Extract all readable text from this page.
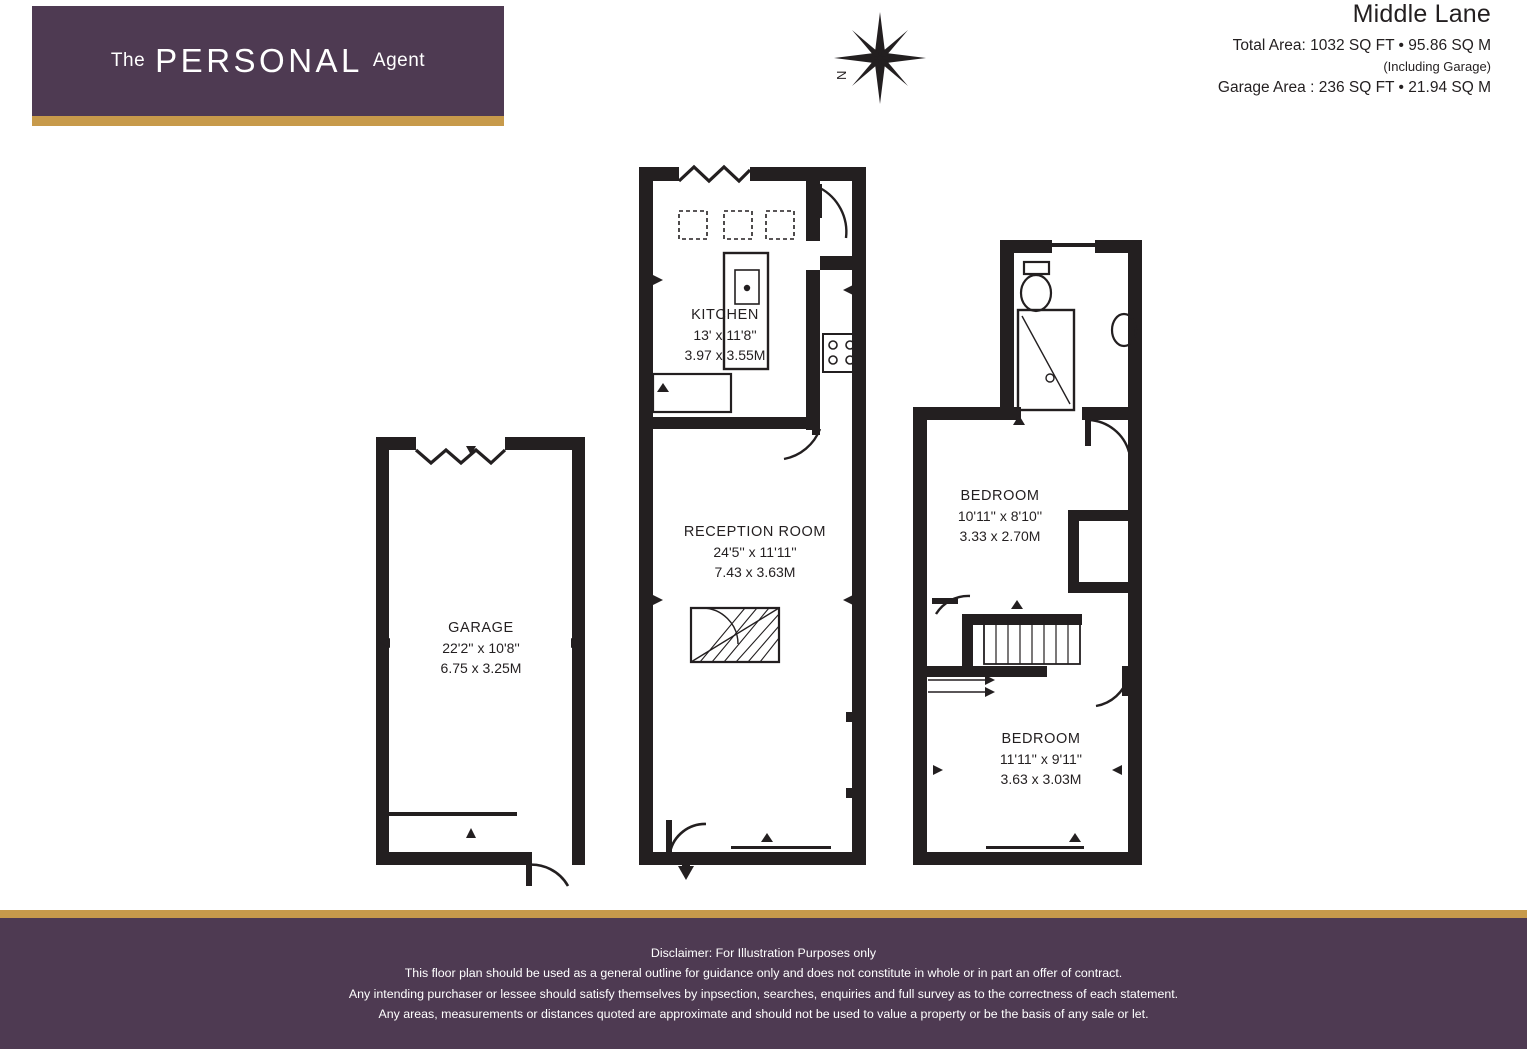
The PERSONAL Agent
Middle Lane
Total Area: 1032 SQ FT • 95.86 SQ M
(Including Garage)
Garage Area : 236 SQ FT • 21.94 SQ M
N
KITCHEN
13' x 11'8''
3.97 x 3.55M
RECEPTION ROOM
24'5'' x 11'11''
7.43 x 3.63M
GARAGE
22'2'' x 10'8''
6.75 x 3.25M
BEDROOM
10'11'' x 8'10''
3.33 x 2.70M
BEDROOM
11'11'' x 9'11''
3.63 x 3.03M
Disclaimer: For Illustration Purposes only
This floor plan should be used as a general outline for guidance only and does not constitute in whole or in part an offer of contract.
Any intending purchaser or lessee should satisfy themselves by inpsection, searches, enquiries and full survey as to the correctness of each statement.
Any areas, measurements or distances quoted are approximate and should not be used to value a property or be the basis of any sale or let.
